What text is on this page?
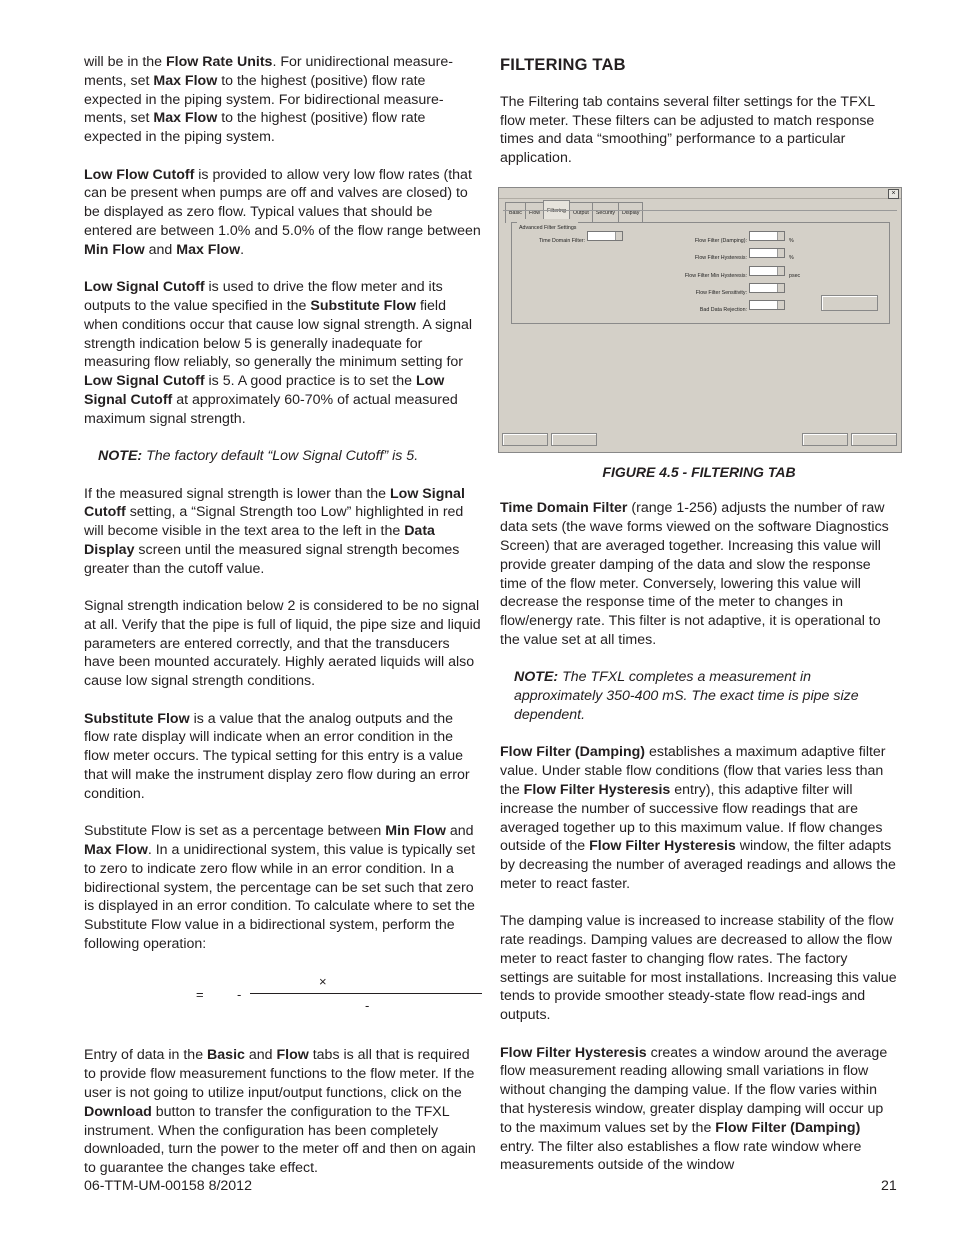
will be in the Flow Rate Units. For unidirectional measure-ments, set Max Flow to the highest (positive) flow rate expected in the piping system. For bidirectional measure-ments, set Max Flow to the highest (positive) flow rate expected in the piping system.

Low Flow Cutoff is provided to allow very low flow rates (that can be present when pumps are off and valves are closed) to be displayed as zero flow. Typical values that should be entered are between 1.0% and 5.0% of the flow range between Min Flow and Max Flow.

Low Signal Cutoff is used to drive the flow meter and its outputs to the value specified in the Substitute Flow field when conditions occur that cause low signal strength. A signal strength indication below 5 is generally inadequate for measuring flow reliably, so generally the minimum setting for Low Signal Cutoff is 5. A good practice is to set the Low Signal Cutoff at approximately 60-70% of actual measured maximum signal strength.

NOTE: The factory default “Low Signal Cutoff” is 5.

If the measured signal strength is lower than the Low Signal Cutoff setting, a “Signal Strength too Low” highlighted in red will become visible in the text area to the left in the Data Display screen until the measured signal strength becomes greater than the cutoff value.

Signal strength indication below 2 is considered to be no signal at all. Verify that the pipe is full of liquid, the pipe size and liquid parameters are entered correctly, and that the transducers have been mounted accurately. Highly aerated liquids will also cause low signal strength conditions.

Substitute Flow is a value that the analog outputs and the flow rate display will indicate when an error condition in the flow meter occurs. The typical setting for this entry is a value that will make the instrument display zero flow during an error condition.

Substitute Flow is set as a percentage between Min Flow and Max Flow. In a unidirectional system, this value is typically set to zero to indicate zero flow while in an error condition. In a bidirectional system, the percentage can be set such that zero is displayed in an error condition. To calculate where to set the Substitute Flow value in a bidirectional system, perform the following operation:

=	-
×
-

Entry of data in the Basic and Flow tabs is all that is required to provide flow measurement functions to the flow meter. If the user is not going to utilize input/output functions, click on the Download button to transfer the configuration to the TFXL instrument. When the configuration has been completely downloaded, turn the power to the meter off and then on again to guarantee the changes take effect.

FILTERING TAB

The Filtering tab contains several filter settings for the TFXL flow meter. These filters can be adjusted to match response times and data “smoothing” performance to a particular application.

×
Basic	Flow	Filtering	Output	Security	Display
Advanced Filter Settings
Time Domain Filter:	Flow Filter (Damping):	%
Flow Filter Hysteresis:	%
Flow Filter Min Hysteresis:	psec
Flow Filter Sensitivity:
Bad Data Rejection:
FIGURE 4.5 - FILTERING TAB

Time Domain Filter (range 1-256) adjusts the number of raw data sets (the wave forms viewed on the software Diagnostics Screen) that are averaged together. Increasing this value will provide greater damping of the data and slow the response time of the flow meter. Conversely, lowering this value will decrease the response time of the meter to changes in flow/energy rate. This filter is not adaptive, it is operational to the value set at all times.

NOTE: The TFXL completes a measurement in approximately 350-400 mS. The exact time is pipe size dependent.

Flow Filter (Damping) establishes a maximum adaptive filter value. Under stable flow conditions (flow that varies less than the Flow Filter Hysteresis entry), this adaptive filter will increase the number of successive flow readings that are averaged together up to this maximum value. If flow changes outside of the Flow Filter Hysteresis window, the filter adapts by decreasing the number of averaged readings and allows the meter to react faster.

The damping value is increased to increase stability of the flow rate readings. Damping values are decreased to allow the flow meter to react faster to changing flow rates. The factory settings are suitable for most installations. Increasing this value tends to provide smoother steady-state flow read-ings and outputs.

Flow Filter Hysteresis creates a window around the average flow measurement reading allowing small variations in flow without changing the damping value. If the flow varies within that hysteresis window, greater display damping will occur up to the maximum values set by the Flow Filter (Damping) entry. The filter also establishes a flow rate window where measurements outside of the window

06-TTM-UM-00158 8/2012	21
